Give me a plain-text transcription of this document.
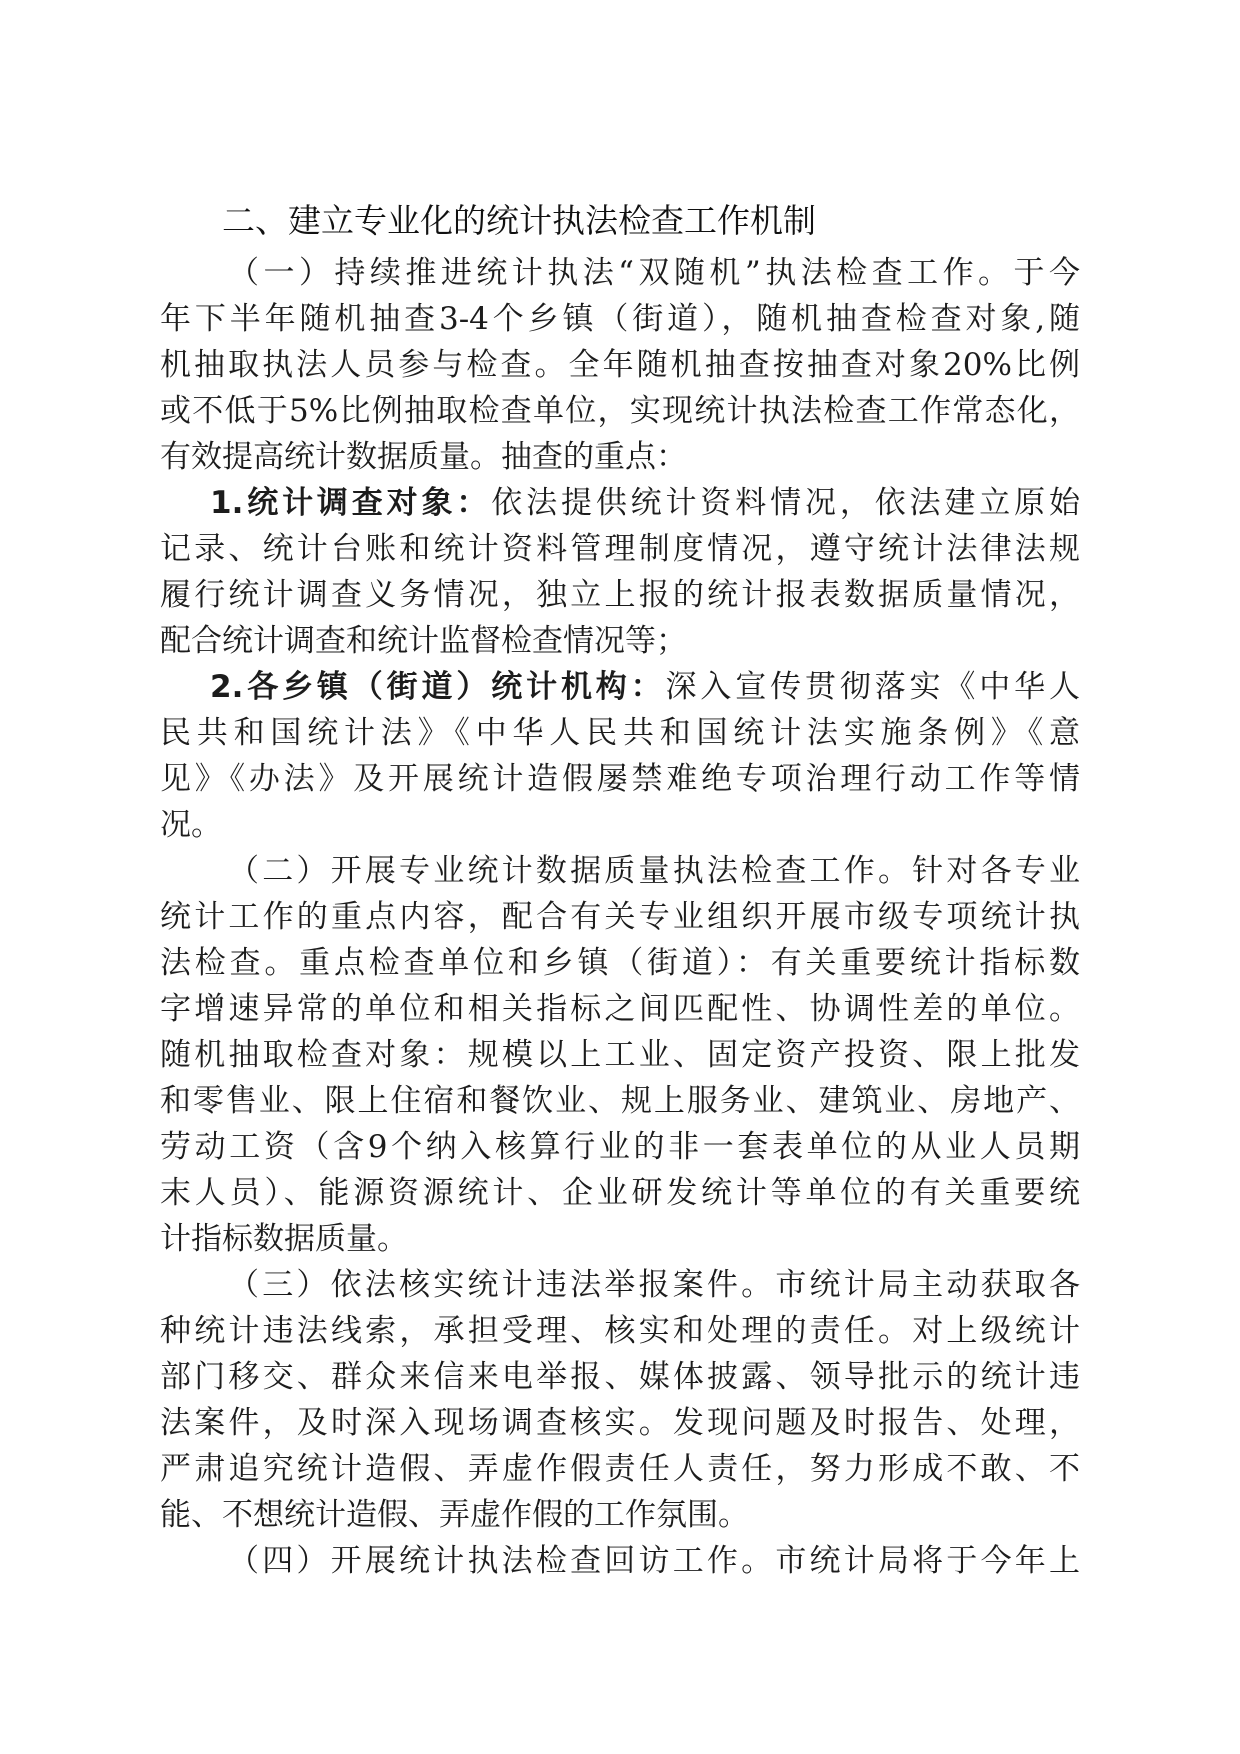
二、建立专业化的统计执法检查工作机制
（一）持续推进统计执法“双随机”执法检查工作。于今
年下半年随机抽查3-4个乡镇（街道），随机抽查检查对象,随
机抽取执法人员参与检查。全年随机抽查按抽查对象20%比例
或不低于5%比例抽取检查单位，实现统计执法检查工作常态化，
有效提高统计数据质量。抽查的重点：
1.统计调查对象：依法提供统计资料情况，依法建立原始
记录、统计台账和统计资料管理制度情况，遵守统计法律法规
履行统计调查义务情况，独立上报的统计报表数据质量情况，
配合统计调查和统计监督检查情况等；
2.各乡镇（街道）统计机构：深入宣传贯彻落实《中华人
民共和国统计法》《中华人民共和国统计法实施条例》《意
见》《办法》及开展统计造假屡禁难绝专项治理行动工作等情
况。
（二）开展专业统计数据质量执法检查工作。针对各专业
统计工作的重点内容，配合有关专业组织开展市级专项统计执
法检查。重点检查单位和乡镇（街道）：有关重要统计指标数
字增速异常的单位和相关指标之间匹配性、协调性差的单位。
随机抽取检查对象：规模以上工业、固定资产投资、限上批发
和零售业、限上住宿和餐饮业、规上服务业、建筑业、房地产、
劳动工资（含9个纳入核算行业的非一套表单位的从业人员期
末人员）、能源资源统计、企业研发统计等单位的有关重要统
计指标数据质量。
（三）依法核实统计违法举报案件。市统计局主动获取各
种统计违法线索，承担受理、核实和处理的责任。对上级统计
部门移交、群众来信来电举报、媒体披露、领导批示的统计违
法案件，及时深入现场调查核实。发现问题及时报告、处理，
严肃追究统计造假、弄虚作假责任人责任，努力形成不敢、不
能、不想统计造假、弄虚作假的工作氛围。
（四）开展统计执法检查回访工作。市统计局将于今年上
